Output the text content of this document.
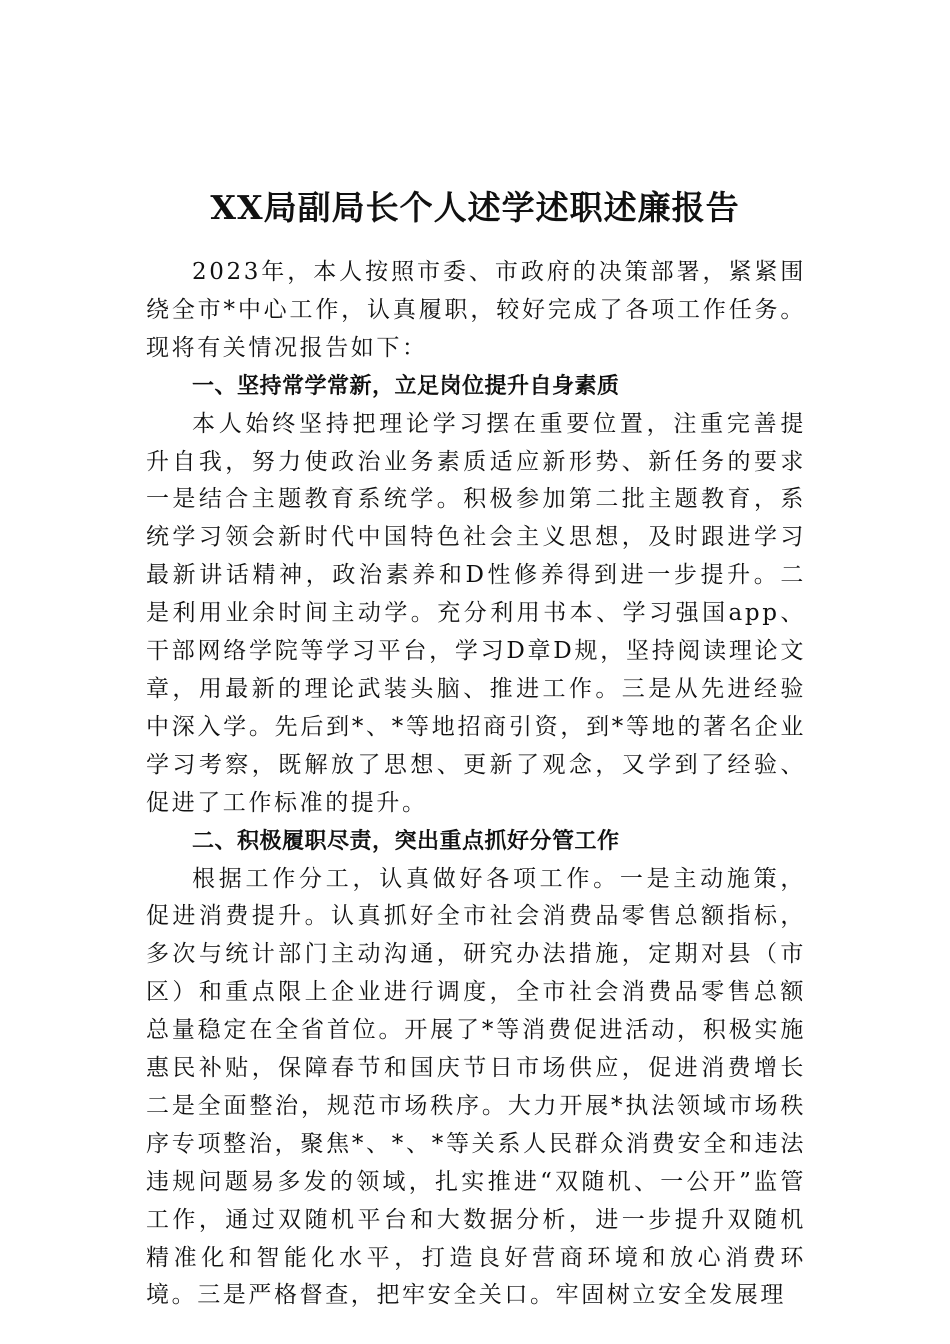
XX局副局长个人述学述职述廉报告

2023年，本人按照市委、市政府的决策部署，紧紧围绕全市*中心工作，认真履职，较好完成了各项工作任务。现将有关情况报告如下：

一、坚持常学常新，立足岗位提升自身素质

本人始终坚持把理论学习摆在重要位置，注重完善提升自我，努力使政治业务素质适应新形势、新任务的要求一是结合主题教育系统学。积极参加第二批主题教育，系统学习领会新时代中国特色社会主义思想，及时跟进学习最新讲话精神，政治素养和D性修养得到进一步提升。二是利用业余时间主动学。充分利用书本、学习强国app、干部网络学院等学习平台，学习D章D规，坚持阅读理论文章，用最新的理论武装头脑、推进工作。三是从先进经验中深入学。先后到*、*等地招商引资，到*等地的著名企业学习考察，既解放了思想、更新了观念，又学到了经验、促进了工作标准的提升。

二、积极履职尽责，突出重点抓好分管工作

根据工作分工，认真做好各项工作。一是主动施策，促进消费提升。认真抓好全市社会消费品零售总额指标，多次与统计部门主动沟通，研究办法措施，定期对县（市区）和重点限上企业进行调度，全市社会消费品零售总额总量稳定在全省首位。开展了*等消费促进活动，积极实施惠民补贴，保障春节和国庆节日市场供应，促进消费增长二是全面整治，规范市场秩序。大力开展*执法领域市场秩序专项整治，聚焦*、*、*等关系人民群众消费安全和违法违规问题易多发的领域，扎实推进“双随机、一公开”监管工作，通过双随机平台和大数据分析，进一步提升双随机精准化和智能化水平，打造良好营商环境和放心消费环境。三是严格督查，把牢安全关口。牢固树立安全发展理
